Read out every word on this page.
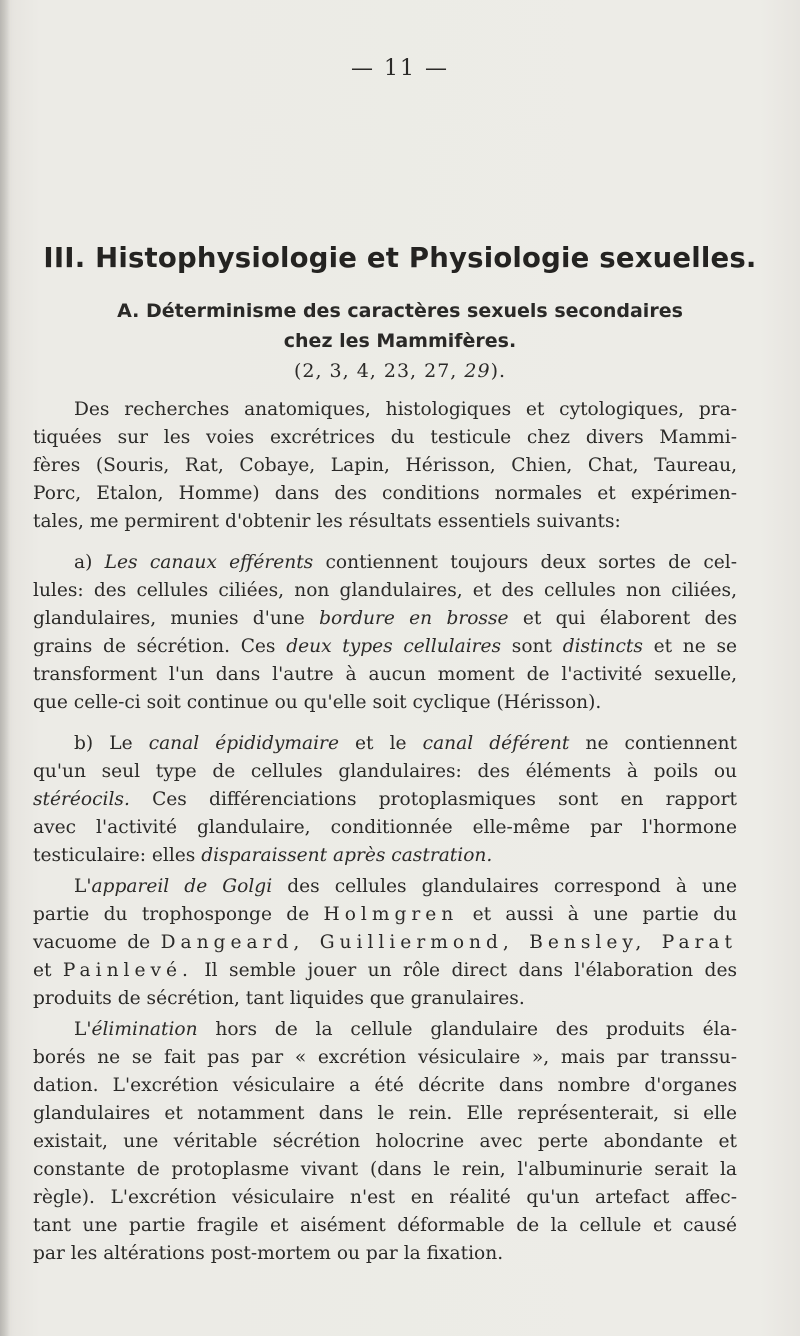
— 11 —
III. Histophysiologie et Physiologie sexuelles.
A. Déterminisme des caractères sexuels secondaires
chez les Mammifères.
(2, 3, 4, 23, 27, 29).
Des recherches anatomiques, histologiques et cytologiques, pra-
tiquées sur les voies excrétrices du testicule chez divers Mammi-
fères (Souris, Rat, Cobaye, Lapin, Hérisson, Chien, Chat, Taureau,
Porc, Etalon, Homme) dans des conditions normales et expérimen-
tales, me permirent d'obtenir les résultats essentiels suivants:
a) Les canaux efférents contiennent toujours deux sortes de cel-
lules: des cellules ciliées, non glandulaires, et des cellules non ciliées,
glandulaires, munies d'une bordure en brosse et qui élaborent des
grains de sécrétion. Ces deux types cellulaires sont distincts et ne se
transforment l'un dans l'autre à aucun moment de l'activité sexuelle,
que celle-ci soit continue ou qu'elle soit cyclique (Hérisson).
b) Le canal épididymaire et le canal déférent ne contiennent
qu'un seul type de cellules glandulaires: des éléments à poils ou
stéréocils. Ces différenciations protoplasmiques sont en rapport
avec l'activité glandulaire, conditionnée elle-même par l'hormone
testiculaire: elles disparaissent après castration.
L'appareil de Golgi des cellules glandulaires correspond à une
partie du trophosponge de Holmgren et aussi à une partie du
vacuome de Dangeard, Guilliermond, Bensley, Parat
et Painlevé. Il semble jouer un rôle direct dans l'élaboration des
produits de sécrétion, tant liquides que granulaires.
L'élimination hors de la cellule glandulaire des produits éla-
borés ne se fait pas par « excrétion vésiculaire », mais par transsu-
dation. L'excrétion vésiculaire a été décrite dans nombre d'organes
glandulaires et notamment dans le rein. Elle représenterait, si elle
existait, une véritable sécrétion holocrine avec perte abondante et
constante de protoplasme vivant (dans le rein, l'albuminurie serait la
règle). L'excrétion vésiculaire n'est en réalité qu'un artefact affec-
tant une partie fragile et aisément déformable de la cellule et causé
par les altérations post-mortem ou par la fixation.
